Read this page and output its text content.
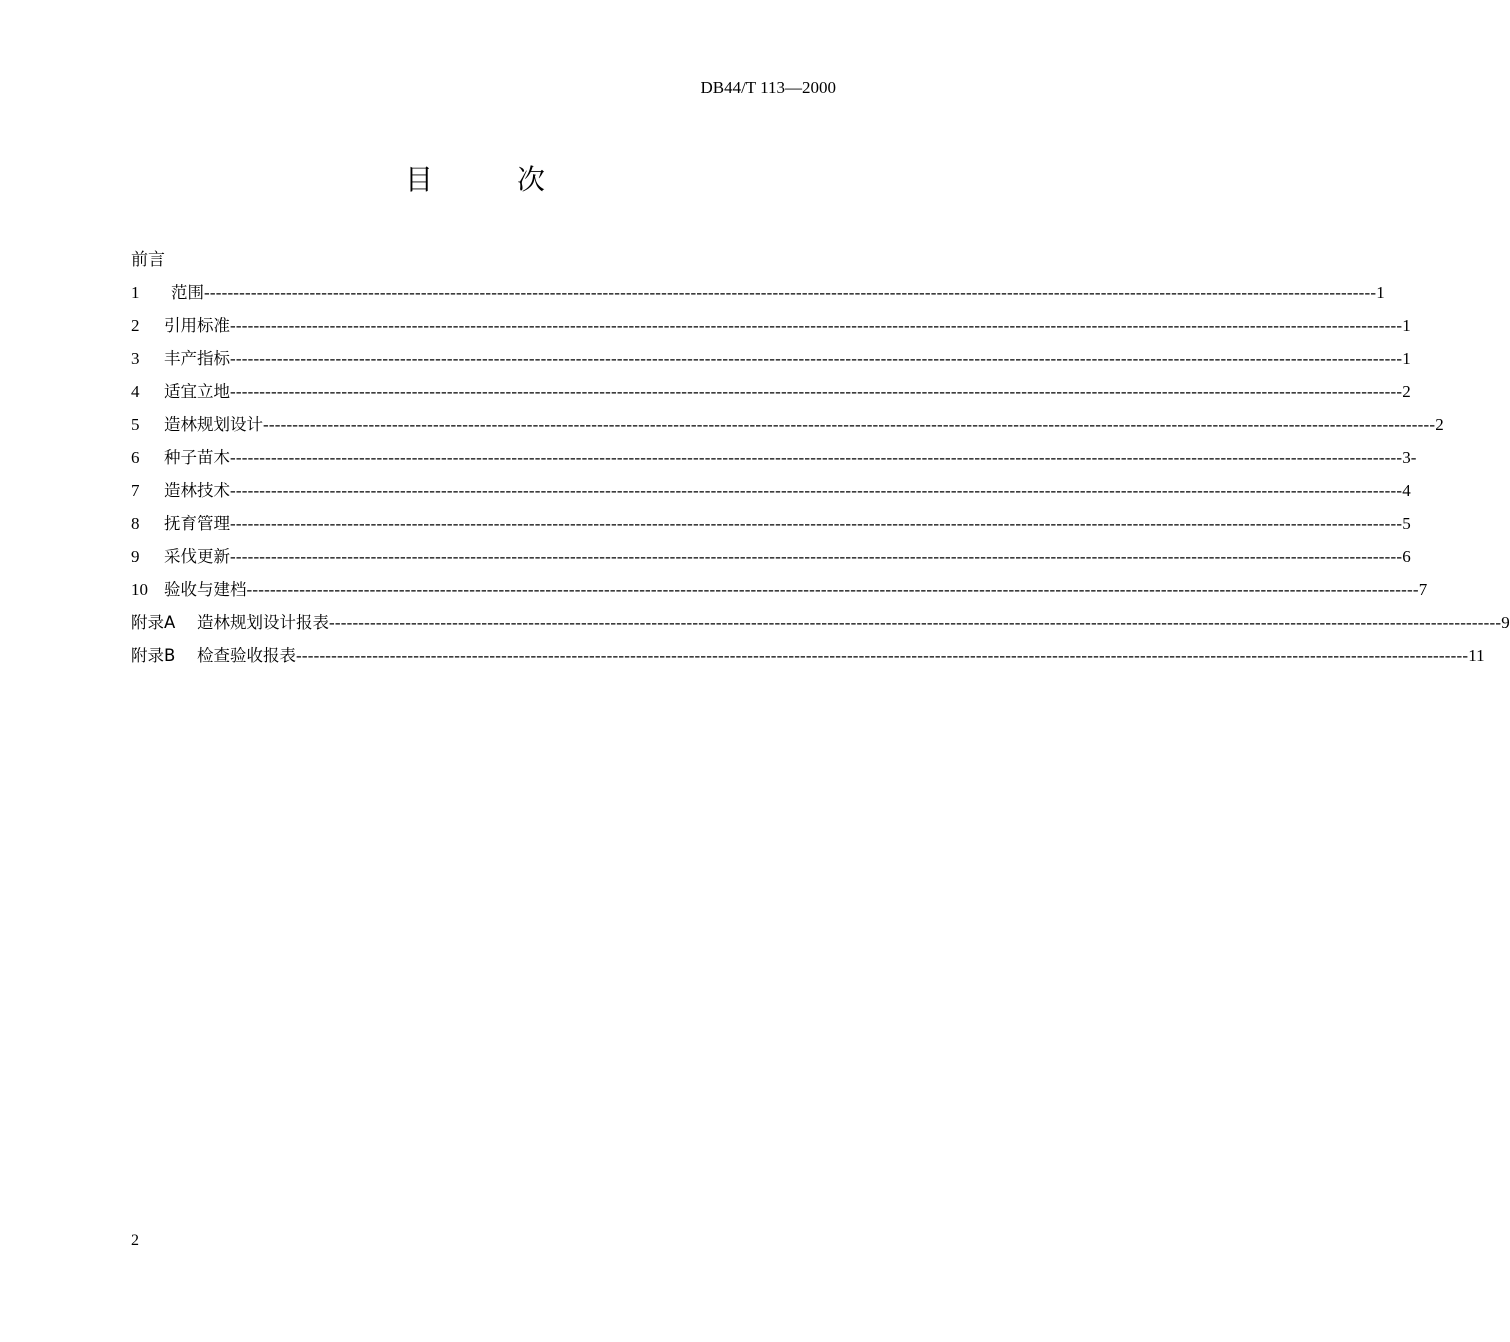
DB44/T 113—2000
目　次
前言
1	范围 -------------------------------------------------------------------------------------------------------------------------------------------------------------------------------------------------------- 1
2	引用标准 -------------------------------------------------------------------------------------------------------------------------------------------------------------------------------------------------------- 1
3	丰产指标 -------------------------------------------------------------------------------------------------------------------------------------------------------------------------------------------------------- 1
4	适宜立地 -------------------------------------------------------------------------------------------------------------------------------------------------------------------------------------------------------- 2
5	造林规划设计 -------------------------------------------------------------------------------------------------------------------------------------------------------------------------------------------------------- 2
6	种子苗木 -------------------------------------------------------------------------------------------------------------------------------------------------------------------------------------------------------- 3-
7	造林技术 -------------------------------------------------------------------------------------------------------------------------------------------------------------------------------------------------------- 4
8	抚育管理 -------------------------------------------------------------------------------------------------------------------------------------------------------------------------------------------------------- 5
9	采伐更新 -------------------------------------------------------------------------------------------------------------------------------------------------------------------------------------------------------- 6
10 验收与建档 -------------------------------------------------------------------------------------------------------------------------------------------------------------------------------------------------------- 7
附录A	造林规划设计报表 -------------------------------------------------------------------------------------------------------------------------------------------------------------------------------------------------------- 9
附录B	检查验收报表 -------------------------------------------------------------------------------------------------------------------------------------------------------------------------------------------------------- 11
2
